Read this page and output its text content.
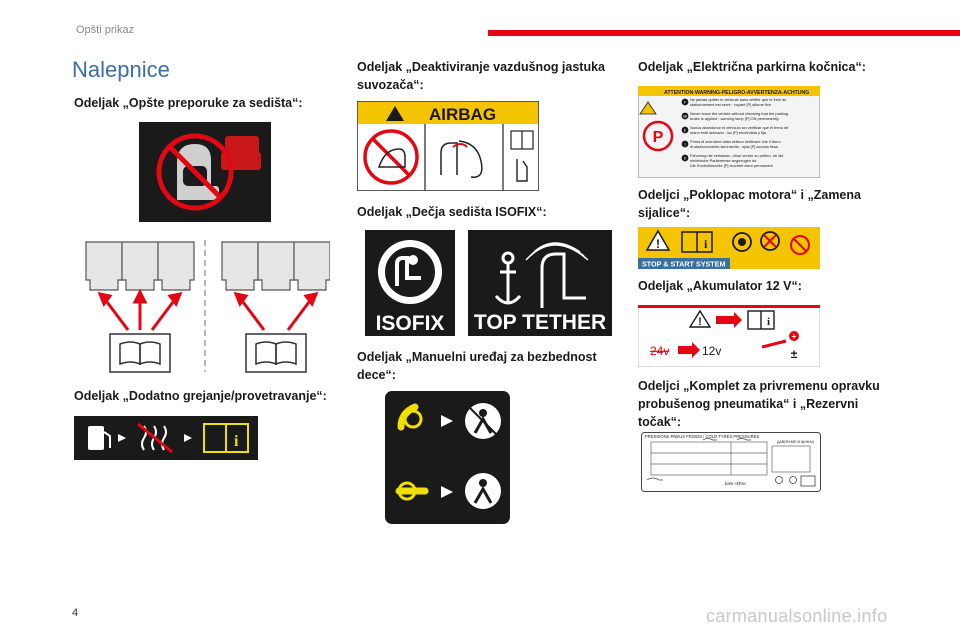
Opšti prikaz
Nalepnice
Odeljak „Opšte preporuke za sedišta“:
Odeljak „Dodatno grejanje/provetravanje“:
i
Odeljak „Deaktiviranje vazdušnog jastuka
suvozača“:
AIRBAG
Odeljak „Dečja sedišta ISOFIX“:
ISOFIX TOP TETHER
Odeljak „Manuelni uređaj za bezbednost
dece“:
Odeljak „Električna parkirna kočnica“:
ATTENTION-WARNING-PELIGRO-AVVERTENZA-ACHTUNG
P
F
Ne jamais quitter le véhicule sans vérifier que le frein de
stationnement est serré : voyant [P] allumé fixe
GB
Never leave the vehicle without checking that the parking
brake is applied : warning lamp [P] ON permanently
E
Nunca abandonar el vehículo sin verificar que el freno de
mano esté activado : luz [P] encendida y fija
I
Prima di scendere dalla vettura verificare che il freno
di stazionamento sia inserito : spia [P] accesa fissa
D
Fahrzeug nie verlassen, ohne vorher zu prüfen, ob die
elektrische Parkbremse angezogen ist.
Die Kontrollleuchte [P] leuchtet dann permanent
Odeljci „Poklopac motora“ i „Zamena
sijalice“:
!	i
STOP & START SYSTEM
Odeljak „Akumulator 12 V“:
!	i
24v	12v
+
±
Odeljci „Komplet za privremenu opravku
probušenog pneumatika“ i „Rezervni
točak“:
PRESSIONS PNEUS FROIDS / COLD TYRES PRESSURES
ДАВЛЕНИЕ В ШИНАХ
bars «kPa»
4	carmanualsonline.info
